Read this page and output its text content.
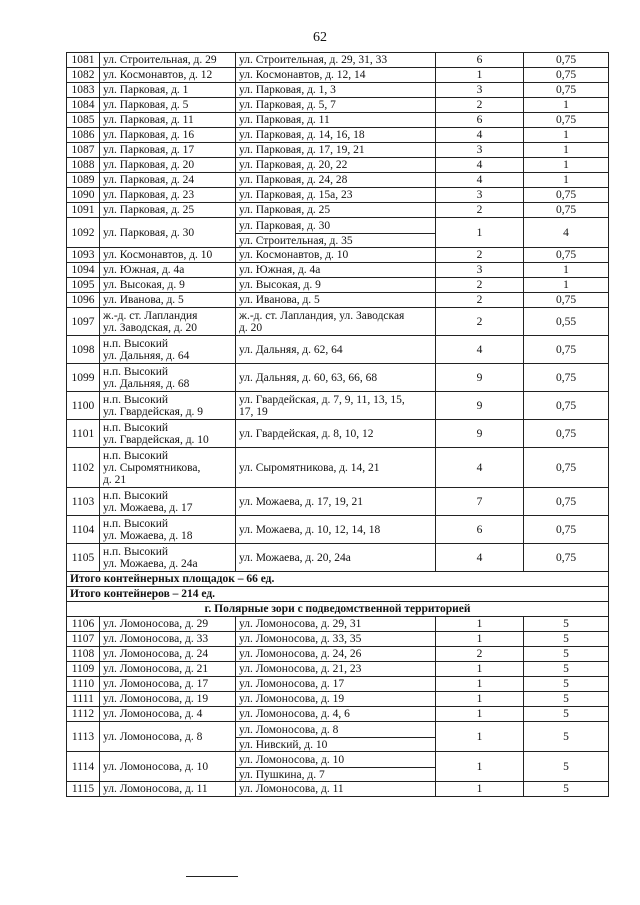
62
1081	ул. Строительная, д. 29	ул. Строительная, д. 29, 31, 33	6	0,75
1082	ул. Космонавтов, д. 12	ул. Космонавтов, д. 12, 14	1	0,75
1083	ул. Парковая, д. 1	ул. Парковая, д. 1, 3	3	0,75
1084	ул. Парковая, д. 5	ул. Парковая, д. 5, 7	2	1
1085	ул. Парковая, д. 11	ул. Парковая, д. 11	6	0,75
1086	ул. Парковая, д. 16	ул. Парковая, д. 14, 16, 18	4	1
1087	ул. Парковая, д. 17	ул. Парковая, д. 17, 19, 21	3	1
1088	ул. Парковая, д. 20	ул. Парковая, д. 20, 22	4	1
1089	ул. Парковая, д. 24	ул. Парковая, д. 24, 28	4	1
1090	ул. Парковая, д. 23	ул. Парковая, д. 15а, 23	3	0,75
1091	ул. Парковая, д. 25	ул. Парковая, д. 25	2	0,75
1092	ул. Парковая, д. 30	ул. Парковая, д. 30
ул. Строительная, д. 35	1	4
1093	ул. Космонавтов, д. 10	ул. Космонавтов, д. 10	2	0,75
1094	ул. Южная, д. 4а	ул. Южная, д. 4а	3	1
1095	ул. Высокая, д. 9	ул. Высокая, д. 9	2	1
1096	ул. Иванова, д. 5	ул. Иванова, д. 5	2	0,75
1097	ж.-д. ст. Лапландия
ул. Заводская, д. 20	ж.-д. ст. Лапландия, ул. Заводская
д. 20	2	0,55
1098	н.п. Высокий
ул. Дальняя, д. 64	ул. Дальняя, д. 62, 64	4	0,75
1099	н.п. Высокий
ул. Дальняя, д. 68	ул. Дальняя, д. 60, 63, 66, 68	9	0,75
1100	н.п. Высокий
ул. Гвардейская, д. 9	ул. Гвардейская, д. 7, 9, 11, 13, 15,
17, 19	9	0,75
1101	н.п. Высокий
ул. Гвардейская, д. 10	ул. Гвардейская, д. 8, 10, 12	9	0,75
1102	н.п. Высокий
ул. Сыромятникова,
д. 21	ул. Сыромятникова, д. 14, 21	4	0,75
1103	н.п. Высокий
ул. Можаева, д. 17	ул. Можаева, д. 17, 19, 21	7	0,75
1104	н.п. Высокий
ул. Можаева, д. 18	ул. Можаева, д. 10, 12, 14, 18	6	0,75
1105	н.п. Высокий
ул. Можаева, д. 24а	ул. Можаева, д. 20, 24а	4	0,75
Итого контейнерных площадок – 66 ед.				
Итого контейнеров – 214 ед.				
г. Полярные зори с подведомственной территорией				
1106	ул. Ломоносова, д. 29	ул. Ломоносова, д. 29, 31	1	5
1107	ул. Ломоносова, д. 33	ул. Ломоносова, д. 33, 35	1	5
1108	ул. Ломоносова, д. 24	ул. Ломоносова, д. 24, 26	2	5
1109	ул. Ломоносова, д. 21	ул. Ломоносова, д. 21, 23	1	5
1110	ул. Ломоносова, д. 17	ул. Ломоносова, д. 17	1	5
1111	ул. Ломоносова, д. 19	ул. Ломоносова, д. 19	1	5
1112	ул. Ломоносова, д. 4	ул. Ломоносова, д. 4, 6	1	5
1113	ул. Ломоносова, д. 8	ул. Ломоносова, д. 8
ул. Нивский, д. 10	1	5
1114	ул. Ломоносова, д. 10	ул. Ломоносова, д. 10
ул. Пушкина, д. 7	1	5
1115	ул. Ломоносова, д. 11	ул. Ломоносова, д. 11	1	5
